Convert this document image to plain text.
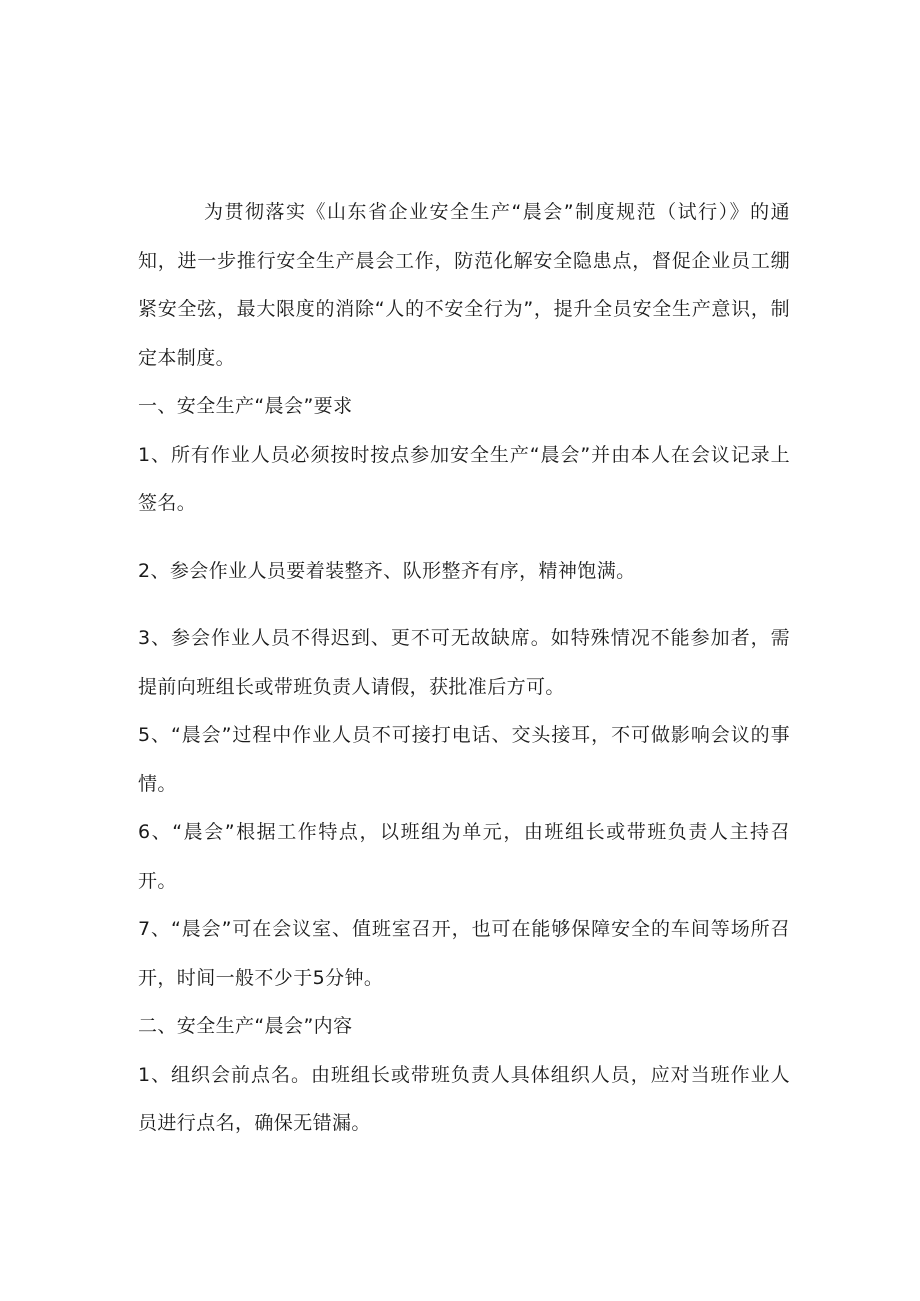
为贯彻落实《山东省企业安全生产“晨会”制度规范（试行）》的通知，进一步推行安全生产晨会工作，防范化解安全隐患点，督促企业员工绷紧安全弦，最大限度的消除“人的不安全行为”，提升全员安全生产意识，制定本制度。

一、安全生产“晨会”要求

1、所有作业人员必须按时按点参加安全生产“晨会”并由本人在会议记录上签名。

2、参会作业人员要着装整齐、队形整齐有序，精神饱满。

3、参会作业人员不得迟到、更不可无故缺席。如特殊情况不能参加者，需提前向班组长或带班负责人请假，获批准后方可。

5、“晨会”过程中作业人员不可接打电话、交头接耳，不可做影响会议的事情。

6、“晨会”根据工作特点，以班组为单元，由班组长或带班负责人主持召开。

7、“晨会”可在会议室、值班室召开，也可在能够保障安全的车间等场所召开，时间一般不少于5分钟。

二、安全生产“晨会”内容

1、组织会前点名。由班组长或带班负责人具体组织人员，应对当班作业人员进行点名，确保无错漏。
